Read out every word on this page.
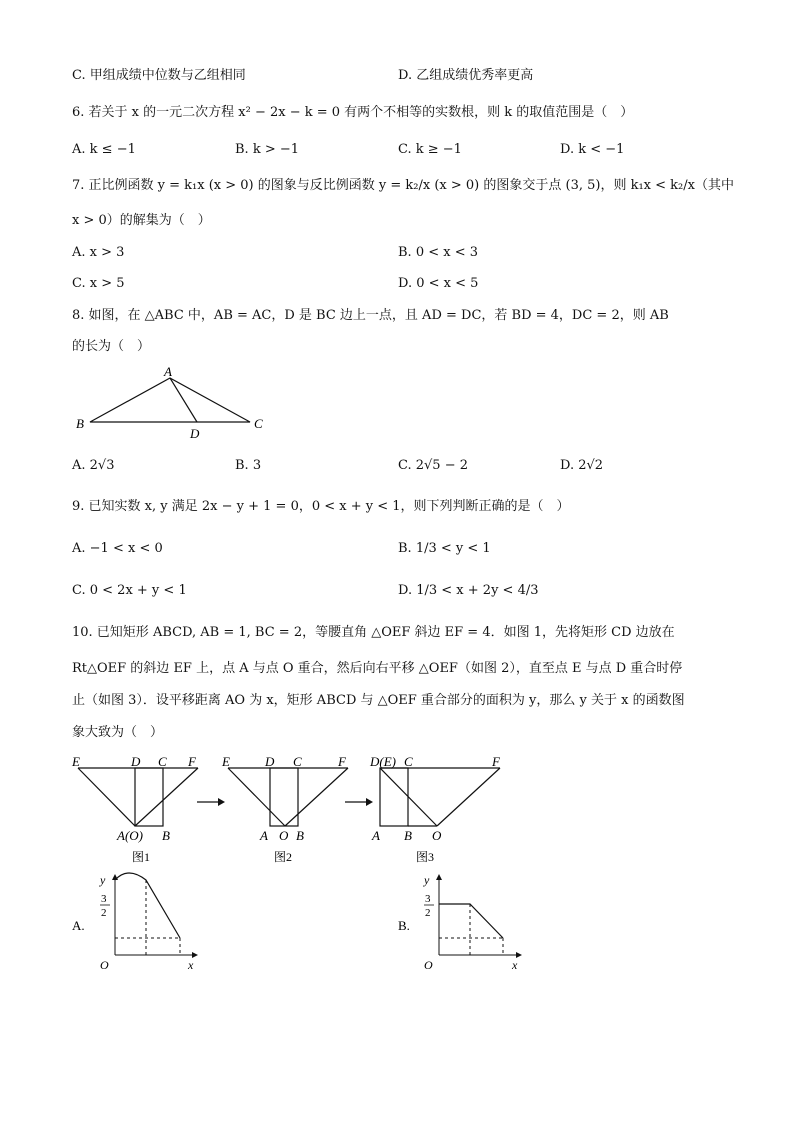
C. 甲组成绩中位数与乙组相同	D. 乙组成绩优秀率更高
6. 若关于 x 的一元二次方程 x² − 2x − k = 0 有两个不相等的实数根，则 k 的取值范围是（　）
A. k ≤ −1	B. k > −1	C. k ≥ −1	D. k < −1
7. 正比例函数 y = k₁x (x > 0) 的图象与反比例函数 y = k₂/x (x > 0) 的图象交于点 (3, 5)，则 k₁x < k₂/x（其中
x > 0）的解集为（　）
A. x > 3	B. 0 < x < 3
C. x > 5	D. 0 < x < 5
8. 如图，在 △ABC 中，AB = AC，D 是 BC 边上一点，且 AD = DC，若 BD = 4，DC = 2，则 AB
的长为（　）
A
B	C
D
A. 2√3	B. 3	C. 2√5 − 2	D. 2√2
9. 已知实数 x, y 满足 2x − y + 1 = 0，0 < x + y < 1，则下列判断正确的是（　）
A. −1 < x < 0	B. 1/3 < y < 1
C. 0 < 2x + y < 1	D. 1/3 < x + 2y < 4/3
10. 已知矩形 ABCD, AB = 1, BC = 2，等腰直角 △OEF 斜边 EF = 4．如图 1，先将矩形 CD 边放在
Rt△OEF 的斜边 EF 上，点 A 与点 O 重合，然后向右平移 △OEF（如图 2），直至点 E 与点 D 重合时停
止（如图 3）．设平移距离 AO 为 x，矩形 ABCD 与 △OEF 重合部分的面积为 y，那么 y 关于 x 的函数图
象大致为（　）
E	D C F
A(O) B
图1
E	D C	F
A O B
图2
D(E) C	F
A B O
图3
A.
y
3
2
O	x
B.
y
3
2
O	x
